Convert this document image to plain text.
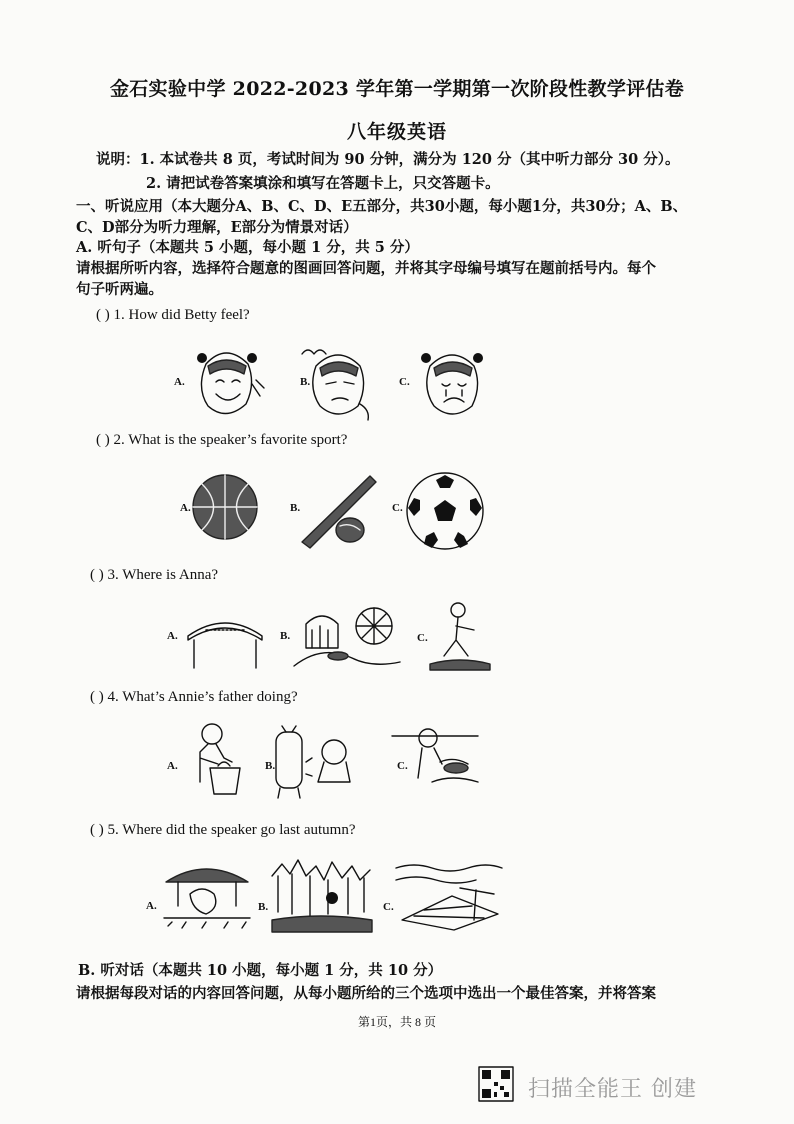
金石实验中学 2022-2023 学年第一学期第一次阶段性教学评估卷
八年级英语
说明：1. 本试卷共 8 页，考试时间为 90 分钟，满分为 120 分（其中听力部分 30 分）。
2. 请把试卷答案填涂和填写在答题卡上，只交答题卡。
一、听说应用（本大题分A、B、C、D、E五部分，共30小题，每小题1分，共30分；A、B、
C、D部分为听力理解，E部分为情景对话）
A. 听句子（本题共 5 小题，每小题 1 分，共 5 分）
请根据所听内容，选择符合题意的图画回答问题，并将其字母编号填写在题前括号内。每个
句子听两遍。
( ) 1. How did Betty feel?
A.	B.	C.
( ) 2. What is the speaker’s favorite sport?
A.	B.	C.
( ) 3. Where is Anna?
A.	B.	C.
( ) 4. What’s Annie’s father doing?
A.	B.	C.
( ) 5. Where did the speaker go last autumn?
A.	B.	C.
B. 听对话（本题共 10 小题，每小题 1 分，共 10 分）
请根据每段对话的内容回答问题，从每小题所给的三个选项中选出一个最佳答案，并将答案
第1页，共 8 页
扫描全能王 创建
